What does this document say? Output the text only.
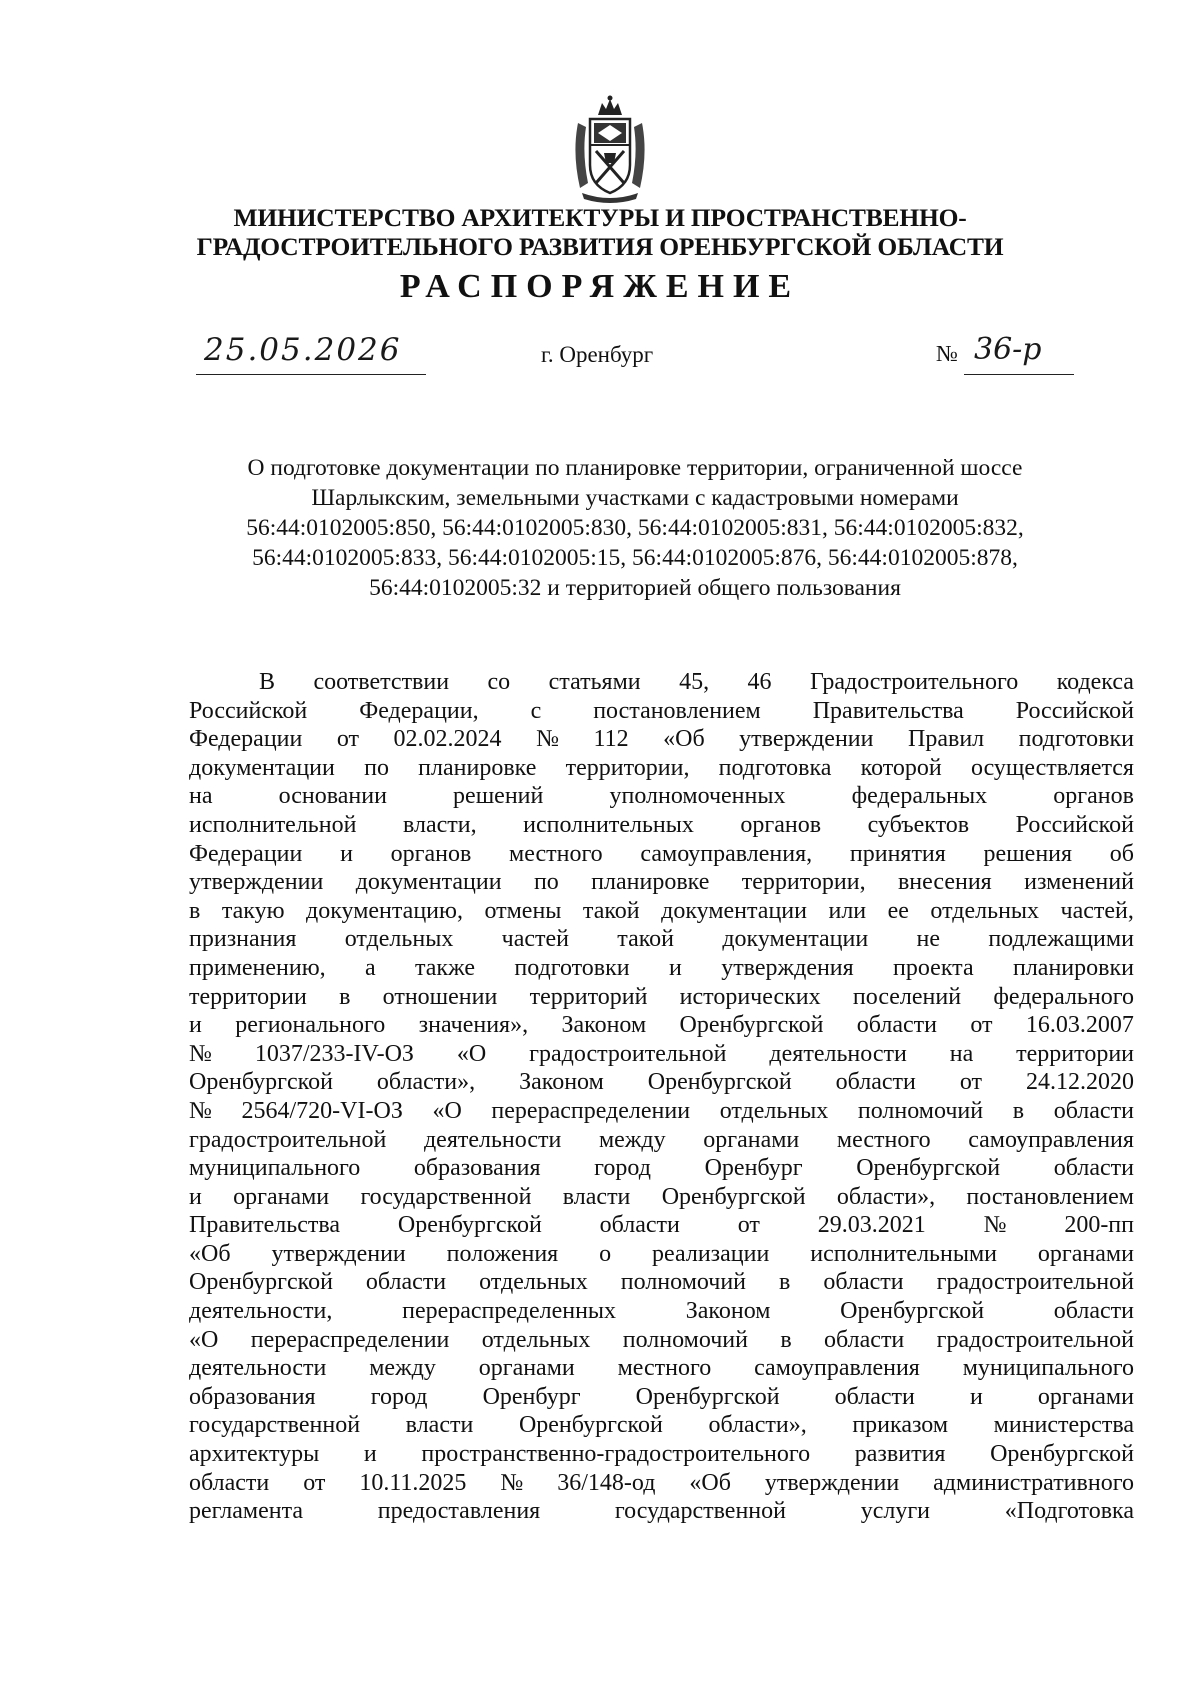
МИНИСТЕРСТВО АРХИТЕКТУРЫ И ПРОСТРАНСТВЕННО-
ГРАДОСТРОИТЕЛЬНОГО РАЗВИТИЯ ОРЕНБУРГСКОЙ ОБЛАСТИ
РАСПОРЯЖЕНИЕ
25.05.2026	г. Оренбург	№ 36-р
О подготовке документации по планировке территории, ограниченной шоссе
Шарлыкским, земельными участками с кадастровыми номерами
56:44:0102005:850, 56:44:0102005:830, 56:44:0102005:831, 56:44:0102005:832,
56:44:0102005:833, 56:44:0102005:15, 56:44:0102005:876, 56:44:0102005:878,
56:44:0102005:32 и территорией общего пользования
В соответствии со статьями 45, 46 Градостроительного кодекса
Российской Федерации, с постановлением Правительства Российской
Федерации от 02.02.2024 № 112 «Об утверждении Правил подготовки
документации по планировке территории, подготовка которой осуществляется
на	основании	решений	уполномоченных	федеральных	органов
исполнительной власти, исполнительных органов субъектов Российской
Федерации и органов местного самоуправления, принятия решения об
утверждении документации по планировке территории, внесения изменений
в такую документацию, отмены такой документации или ее отдельных частей,
признания отдельных частей такой документации не подлежащими
применению, а также подготовки и утверждения проекта планировки
территории в отношении территорий исторических поселений федерального
и регионального значения», Законом Оренбургской области от 16.03.2007
№ 1037/233-IV-ОЗ «О градостроительной деятельности на территории
Оренбургской области», Законом Оренбургской области от 24.12.2020
№ 2564/720-VI-ОЗ «О перераспределении отдельных полномочий в области
градостроительной деятельности между органами местного самоуправления
муниципального образования город Оренбург Оренбургской области
и органами государственной власти Оренбургской области», постановлением
Правительства Оренбургской области от 29.03.2021 № 200-пп
«Об утверждении положения о реализации исполнительными органами
Оренбургской области отдельных полномочий в области градостроительной
деятельности,	перераспределенных	Законом	Оренбургской	области
«О перераспределении отдельных полномочий в области градостроительной
деятельности между органами местного самоуправления муниципального
образования город Оренбург Оренбургской области и органами
государственной власти Оренбургской области», приказом министерства
архитектуры и пространственно-градостроительного развития Оренбургской
области от 10.11.2025 № 36/148-од «Об утверждении административного
регламента	предоставления	государственной	услуги	«Подготовка
